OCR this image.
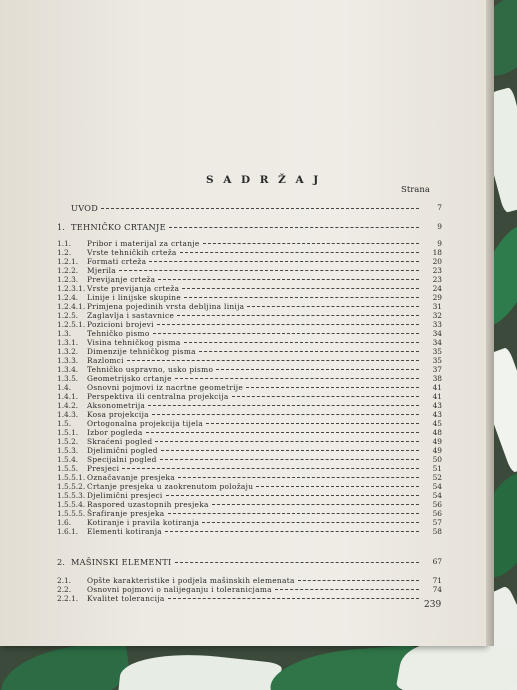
S A D R Ž A J
Strana
UVOD	7
1. TEHNIČKO CRTANJE	9
1.1.	Pribor i materijal za crtanje	9
1.2.	Vrste tehničkih crteža	18
1.2.1.	Formati crteža	20
1.2.2.	Mjerila	23
1.2.3.	Previjanje crteža	23
1.2.3.1. Vrste previjanja crteža	24
1.2.4.	Linije i linijske skupine	29
1.2.4.1. Primjena pojedinih vrsta debljina linija	31
1.2.5.	Zaglavlja i sastavnice	32
1.2.5.1. Pozicioni brojevi	33
1.3.	Tehničko pismo	34
1.3.1.	Visina tehničkog pisma	34
1.3.2.	Dimenzije tehničkog pisma	35
1.3.3.	Razlomci	35
1.3.4.	Tehničko uspravno, usko pismo	37
1.3.5.	Geometrijsko crtanje	38
1.4.	Osnovni pojmovi iz nacrtne geometrije	41
1.4.1.	Perspektiva ili centralna projekcija	41
1.4.2.	Aksonometrija	43
1.4.3.	Kosa projekcija	43
1.5.	Ortogonalna projekcija tijela	45
1.5.1.	Izbor pogleda	48
1.5.2.	Skraćeni pogled	49
1.5.3.	Djelimični pogled	49
1.5.4.	Specijalni pogled	50
1.5.5.	Presjeci	51
1.5.5.1. Označavanje presjeka	52
1.5.5.2. Crtanje presjeka u zaokrenutom položaju	54
1.5.5.3. Djelimični presjeci	54
1.5.5.4. Raspored uzastopnih presjeka	56
1.5.5.5. Šrafiranje presjeka	56
1.6.	Kotiranje i pravila kotiranja	57
1.6.1.	Elementi kotiranja	58
2. MAŠINSKI ELEMENTI	67
2.1.	Opšte karakteristike i podjela mašinskih elemenata	71
2.2.	Osnovni pojmovi o nalijeganju i toleranicjama	74
2.2.1.	Kvalitet tolerancija
239
